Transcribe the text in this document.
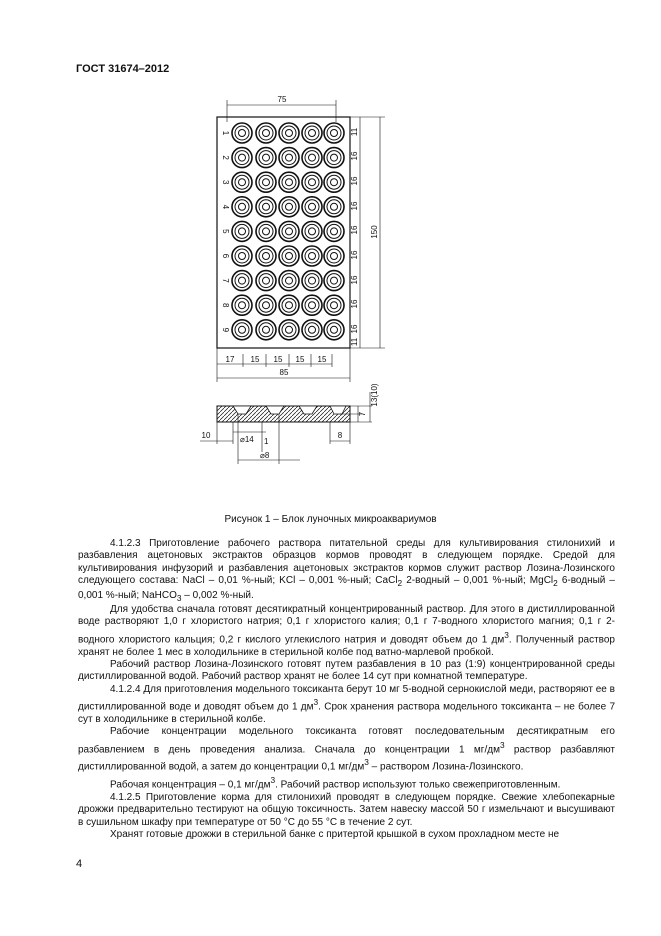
ГОСТ 31674–2012
75
1
2
3
4
5
6
7
8
9
11
16
16
16
16
16
16
16
16
11
150
17 15 15 15 15
85
13(10)
7
10	⌀14 1
⌀8
8
Рисунок 1 – Блок луночных микроаквариумов

4.1.2.3 Приготовление рабочего раствора питательной среды для культивирования стилонихий и разбавления ацетоновых экстрактов образцов кормов проводят в следующем порядке. Средой для культивирования инфузорий и разбавления ацетоновых экстрактов кормов служит раствор Лозина-Лозинского следующего состава: NaCl – 0,01 %-ный; KCl – 0,001 %-ный; CaCl$_2$ 2-водный – 0,001 %-ный; MgCl$_2$ 6-водный – 0,001 %-ный; NaHCO$_3$ – 0,002 %-ный.

Для удобства сначала готовят десятикратный концентрированный раствор. Для этого в дистиллированной воде растворяют 1,0 г хлористого натрия; 0,1 г хлористого калия; 0,1 г 7-водного хлористого магния; 0,1 г 2-водного хлористого кальция; 0,2 г кислого углекислого натрия и доводят объем до 1 $дм^3$. Полученный раствор хранят не более 1 мес в холодильнике в стерильной колбе под ватно-марлевой пробкой.

Рабочий раствор Лозина-Лозинского готовят путем разбавления в 10 раз (1:9) концентрированной среды дистиллированной водой. Рабочий раствор хранят не более 14 сут при комнатной температуре.

4.1.2.4 Для приготовления модельного токсиканта берут 10 мг 5-водной сернокислой меди, растворяют ее в дистиллированной воде и доводят объем до 1 $дм^3$. Срок хранения раствора модельного токсиканта – не более 7 сут в холодильнике в стерильной колбе.

Рабочие концентрации модельного токсиканта готовят последовательным десятикратным его разбавлением в день проведения анализа. Сначала до концентрации 1 $мг/дм^3$ раствор разбавляют дистиллированной водой, а затем до концентрации 0,1 $мг/дм^3$ – раствором Лозина-Лозинского.

Рабочая концентрация – 0,1 $мг/дм^3$. Рабочий раствор используют только свежеприготовленным.

4.1.2.5 Приготовление корма для стилонихий проводят в следующем порядке. Свежие хлебопекарные дрожжи предварительно тестируют на общую токсичность. Затем навеску массой 50 г измельчают и высушивают в сушильном шкафу при температуре от 50 °С до 55 °С в течение 2 сут.

Хранят готовые дрожжи в стерильной банке с притертой крышкой в сухом прохладном месте не

4
